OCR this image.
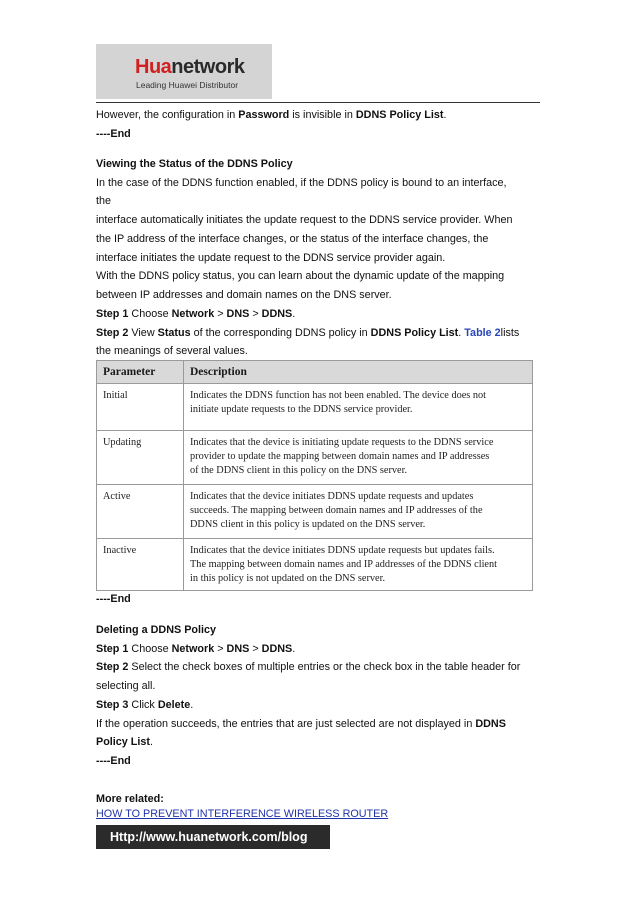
Huanetwork
Leading Huawei Distributor

However, the configuration in Password is invisible in DDNS Policy List.

----End

Viewing the Status of the DDNS Policy

In the case of the DDNS function enabled, if the DDNS policy is bound to an interface,

the

interface automatically initiates the update request to the DDNS service provider. When

the IP address of the interface changes, or the status of the interface changes, the

interface initiates the update request to the DDNS service provider again.

With the DDNS policy status, you can learn about the dynamic update of the mapping

between IP addresses and domain names on the DNS server.

Step 1 Choose Network > DNS > DDNS.

Step 2 View Status of the corresponding DDNS policy in DDNS Policy List. Table 2lists

the meanings of several values.

Parameter	Description
Initial	Indicates the DDNS function has not been enabled. The device does not
initiate update requests to the DDNS service provider.

Updating	Indicates that the device is initiating update requests to the DDNS service
provider to update the mapping between domain names and IP addresses
of the DDNS client in this policy on the DNS server.

Active	Indicates that the device initiates DDNS update requests and updates
succeeds. The mapping between domain names and IP addresses of the
DDNS client in this policy is updated on the DNS server.

Inactive	Indicates that the device initiates DDNS update requests but updates fails.
The mapping between domain names and IP addresses of the DDNS client
in this policy is not updated on the DNS server.

----End

Deleting a DDNS Policy

Step 1 Choose Network > DNS > DDNS.

Step 2 Select the check boxes of multiple entries or the check box in the table header for

selecting all.

Step 3 Click Delete.

If the operation succeeds, the entries that are just selected are not displayed in DDNS

Policy List.

----End

More related:

HOW TO PREVENT INTERFERENCE WIRELESS ROUTER
Http://www.huanetwork.com/blog
